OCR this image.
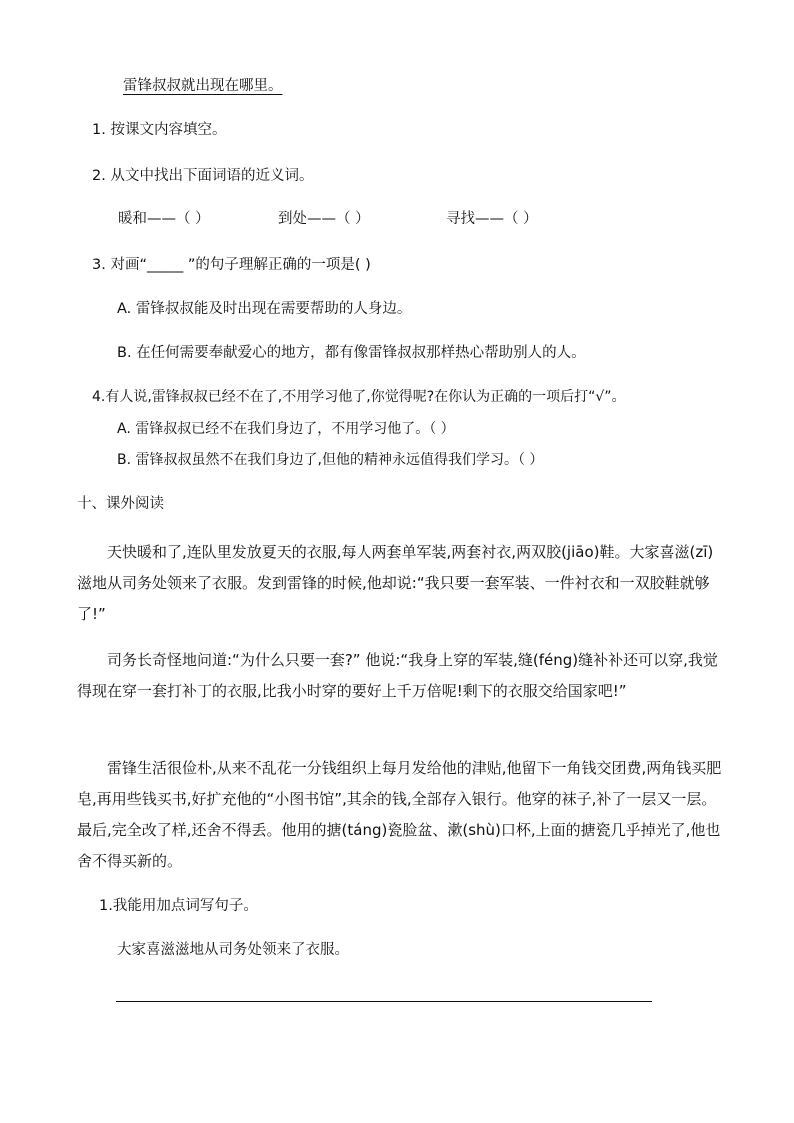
雷锋叔叔就出现在哪里。
1. 按课文内容填空。
2. 从文中找出下面词语的近义词。
暖和——（ ）	到处——（ ）	寻找——（ ）
3. 对画“_____ ”的句子理解正确的一项是( )
A. 雷锋叔叔能及时出现在需要帮助的人身边。
B. 在任何需要奉献爱心的地方，都有像雷锋叔叔那样热心帮助别人的人。
4.有人说,雷锋叔叔已经不在了,不用学习他了,你觉得呢?在你认为正确的一项后打“√”。
A. 雷锋叔叔已经不在我们身边了，不用学习他了。（ ）
B. 雷锋叔叔虽然不在我们身边了,但他的精神永远值得我们学习。（ ）
十、课外阅读
天快暖和了,连队里发放夏天的衣服,每人两套单军装,两套衬衣,两双胶(jiāo)鞋。大家喜滋(zī)滋地从司务处领来了衣服。发到雷锋的时候,他却说:“我只要一套军装、一件衬衣和一双胶鞋就够了!”
司务长奇怪地问道:“为什么只要一套?” 他说:“我身上穿的军装,缝(féng)缝补补还可以穿,我觉得现在穿一套打补丁的衣服,比我小时穿的要好上千万倍呢!剩下的衣服交给国家吧!”
雷锋生活很俭朴,从来不乱花一分钱组织上每月发给他的津贴,他留下一角钱交团费,两角钱买肥皂,再用些钱买书,好扩充他的“小图书馆”,其余的钱,全部存入银行。他穿的袜子,补了一层又一层。最后,完全改了样,还舍不得丢。他用的搪(táng)瓷脸盆、漱(shù)口杯,上面的搪瓷几乎掉光了,他也舍不得买新的。
1.我能用加点词写句子。
大家喜滋滋地从司务处领来了衣服。
